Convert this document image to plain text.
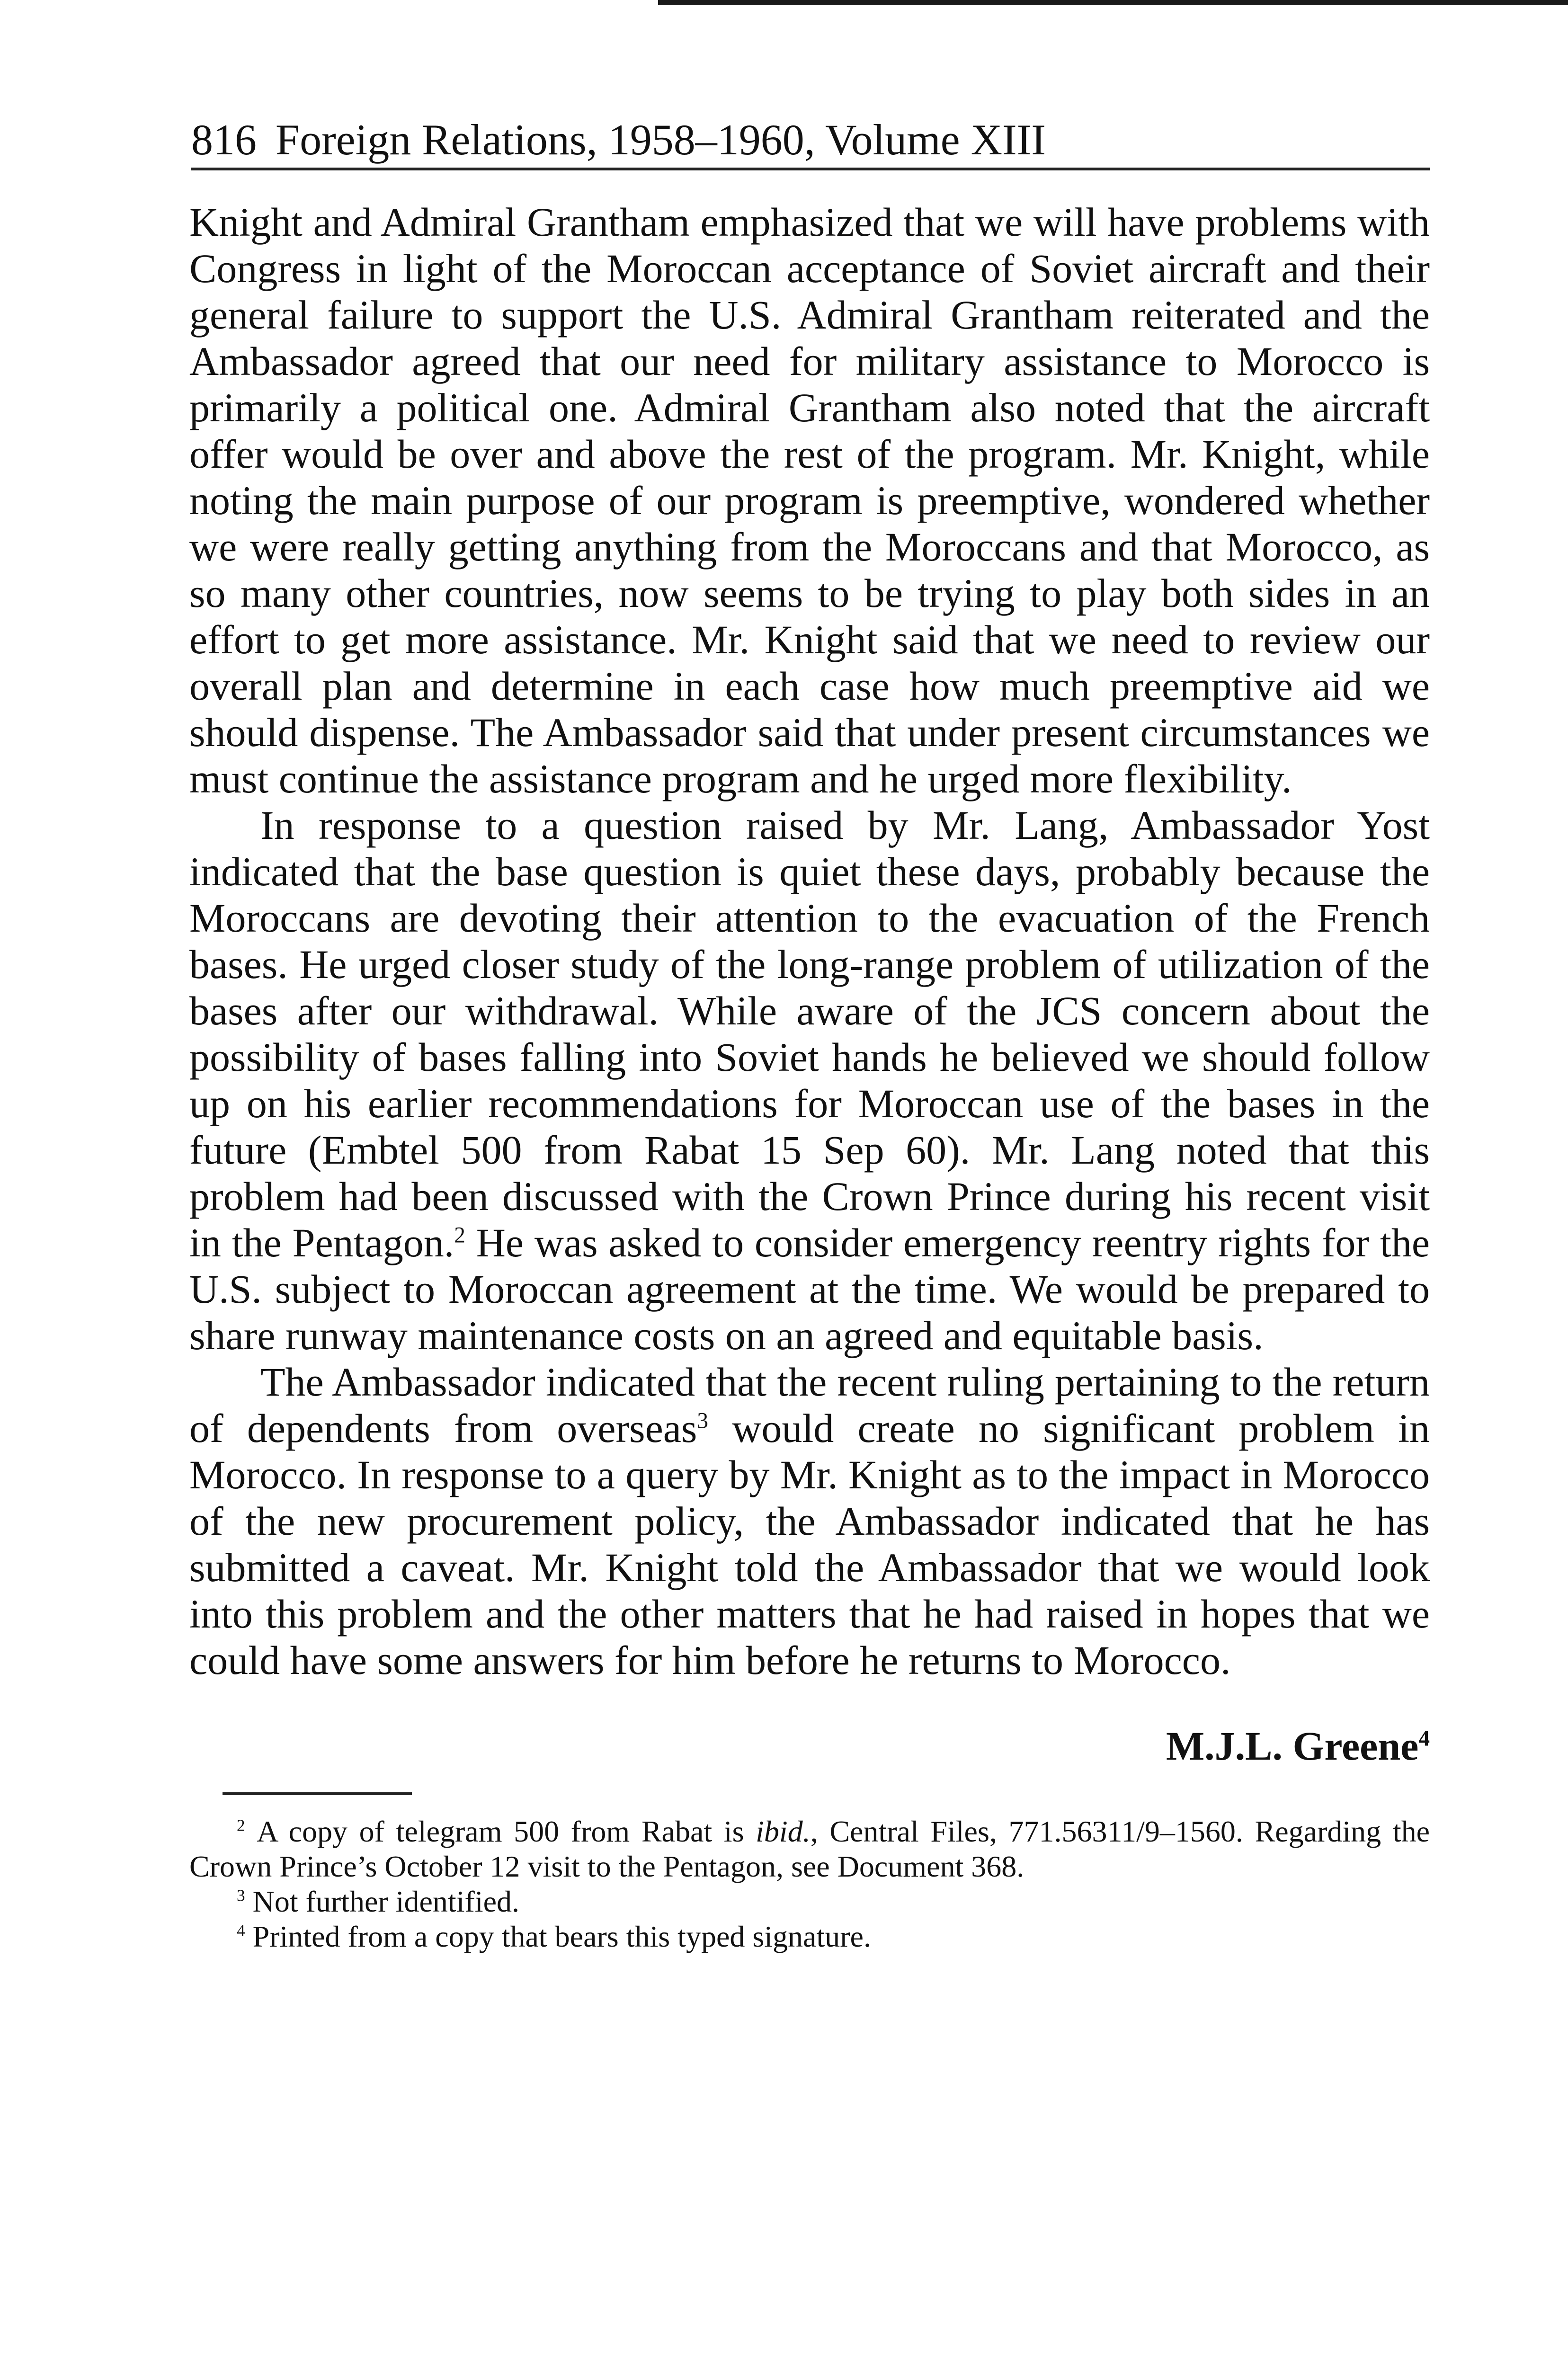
816 Foreign Relations, 1958–1960, Volume XIII

Knight and Admiral Grantham emphasized that we will have problems with Congress in light of the Moroccan acceptance of Soviet aircraft and their general failure to support the U.S. Admiral Grantham reiterated and the Ambassador agreed that our need for military assistance to Morocco is primarily a political one. Admiral Grantham also noted that the aircraft offer would be over and above the rest of the program. Mr. Knight, while noting the main purpose of our program is preemptive, wondered whether we were really getting anything from the Moroccans and that Morocco, as so many other countries, now seems to be trying to play both sides in an effort to get more assistance. Mr. Knight said that we need to review our overall plan and determine in each case how much preemptive aid we should dispense. The Ambassador said that under present circumstances we must continue the assistance program and he urged more flexibility.

In response to a question raised by Mr. Lang, Ambassador Yost indicated that the base question is quiet these days, probably because the Moroccans are devoting their attention to the evacuation of the French bases. He urged closer study of the long-range problem of utilization of the bases after our withdrawal. While aware of the JCS concern about the possibility of bases falling into Soviet hands he believed we should follow up on his earlier recommendations for Moroccan use of the bases in the future (Embtel 500 from Rabat 15 Sep 60). Mr. Lang noted that this problem had been discussed with the Crown Prince during his recent visit in the Pentagon.$^2$ He was asked to consider emergency reentry rights for the U.S. subject to Moroccan agreement at the time. We would be prepared to share runway maintenance costs on an agreed and equitable basis.

The Ambassador indicated that the recent ruling pertaining to the return of dependents from overseas$^3$ would create no significant problem in Morocco. In response to a query by Mr. Knight as to the impact in Morocco of the new procurement policy, the Ambassador indicated that he has submitted a caveat. Mr. Knight told the Ambassador that we would look into this problem and the other matters that he had raised in hopes that we could have some answers for him before he returns to Morocco.

M.J.L. Greene$^4$

$^2$ A copy of telegram 500 from Rabat is ibid., Central Files, 771.56311/9–1560. Regarding the Crown Prince’s October 12 visit to the Pentagon, see Document 368.

$^3$ Not further identified.

$^4$ Printed from a copy that bears this typed signature.
